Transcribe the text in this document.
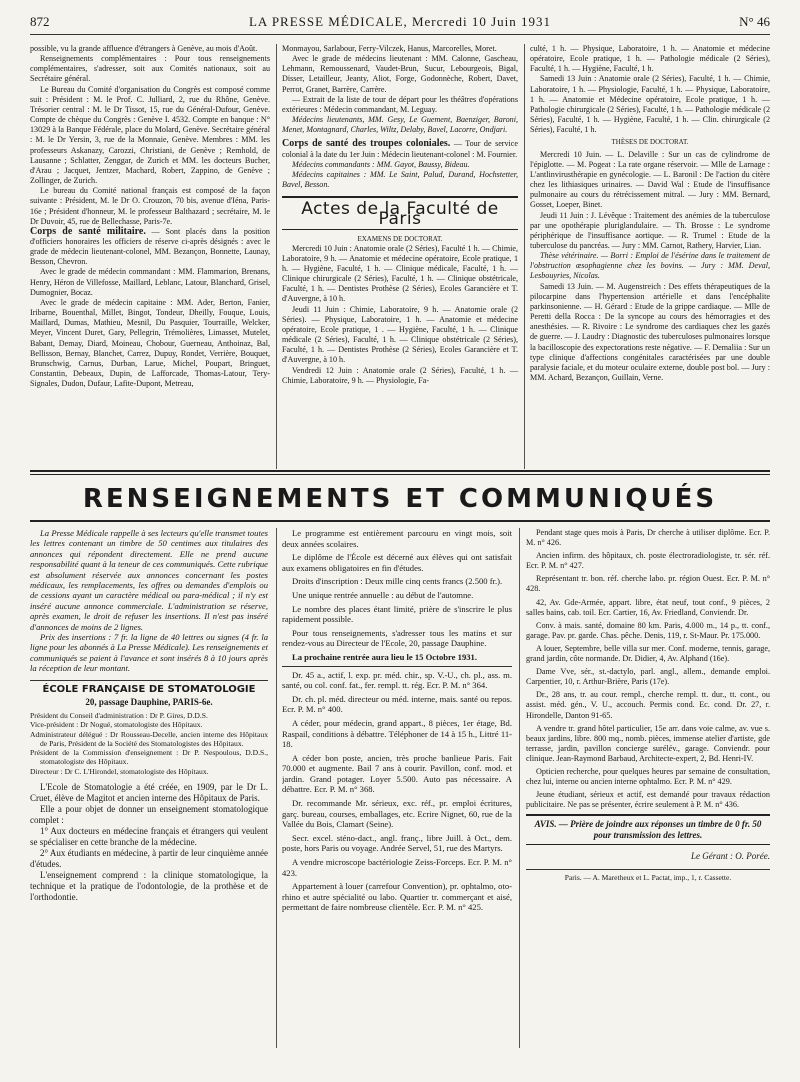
872	LA PRESSE MÉDICALE, Mercredi 10 Juin 1931	N° 46

possible, vu la grande affluence d'étrangers à Genève, au mois d'Août.

Renseignements complémentaires : Pour tous renseignements complémentaires, s'adresser, soit aux Comités nationaux, soit au Secrétaire général.

Le Bureau du Comité d'organisation du Congrès est composé comme suit : Président : M. le Prof. C. Julliard, 2, rue du Rhône, Genève. Trésorier central : M. le Dr Tissot, 15, rue du Général-Dufour, Genève. Compte de chèque du Congrès : Genève I. 4532. Compte en banque : N° 13029 à la Banque Fédérale, place du Molard, Genève. Secrétaire général : M. le Dr Yersin, 3, rue de la Monnaie, Genève. Membres : MM. les professeurs Askanazy, Carozzi, Christiani, de Genève ; Remhold, de Lausanne ; Schlatter, Zenggar, de Zurich et MM. les docteurs Bucher, d'Arau ; Jacquet, Jentzer, Machard, Robert, Zappino, de Genève ; Zollinger, de Zurich.

Le bureau du Comité national français est composé de la façon suivante : Président, M. le Dr O. Crouzon, 70 bis, avenue d'Iéna, Paris-16e ; Président d'honneur, M. le professeur Balthazard ; secrétaire, M. le Dr Duvoir, 45, rue de Bellechasse, Paris-7e.

Corps de santé militaire. — Sont placés dans la position d'officiers honoraires les officiers de réserve ci-après désignés : avec le grade de médecin lieutenant-colonel, MM. Bezançon, Bonnette, Launay, Besson, Chevron.

Avec le grade de médecin commandant : MM. Flammarion, Brenans, Henry, Héron de Villefosse, Maillard, Leblanc, Latour, Blanchard, Grisel, Dumognier, Bocaz.

Avec le grade de médecin capitaine : MM. Ader, Berton, Fanier, Iribarne, Bouenthal, Millet, Bingot, Tondeur, Dheilly, Fouque, Louis, Maillard, Dumas, Mathieu, Mesnil, Du Pasquier, Tourraille, Welcker, Meyer, Vincent Duret, Gary, Pellegrin, Trémolières, Limasset, Mutelet, Babant, Demay, Diard, Moineau, Chobour, Guerneau, Anthoinaz, Bal, Bellisson, Bernay, Blanchet, Carrez, Dupuy, Rondet, Verrière, Bouquet, Brunschwig, Carnus, Durban, Larue, Michel, Poupart, Bringuet, Constantin, Debeaux, Dupin, de Lafforcade, Thomas-Latour, Tery-Signales, Dudon, Dufaur, Lafite-Dupont, Metreau,

Monmayou, Sarlabour, Ferry-Vilczek, Hanus, Marcorelles, Moret.

Avec le grade de médecins lieutenant : MM. Calonne, Gascheau, Lehmann, Remoussenard, Vaudet-Brun, Sucur, Lebourgeois, Bigal, Disser, Letailleur, Jeanty, Aliot, Forge, Godonnèche, Robert, Davet, Perrot, Granet, Barrère, Carrère.

— Extrait de la liste de tour de départ pour les théâtres d'opérations extérieures : Médecin commandant, M. Leguay.

Médecins lieutenants, MM. Gesy, Le Guement, Baenziger, Baroni, Menet, Montagnard, Charles, Wiltz, Delaby, Bavel, Lacorre, Ondjari.

Corps de santé des troupes coloniales. — Tour de service colonial à la date du 1er Juin : Médecin lieutenant-colonel : M. Fournier.

Médecins commandants : MM. Gayot, Baussy, Bideau.

Médecins capitaines : MM. Le Saint, Palud, Durand, Hochstetter, Bavel, Besson.

Actes de la Faculté de Paris

EXAMENS DE DOCTORAT.

Mercredi 10 Juin : Anatomie orale (2 Séries), Faculté 1 h. — Chimie, Laboratoire, 9 h. — Anatomie et médecine opératoire, Ecole pratique, 1 h. — Hygiène, Faculté, 1 h. — Clinique médicale, Faculté, 1 h. — Clinique chirurgicale (2 Séries), Faculté, 1 h. — Clinique obstétricale, Faculté, 1 h. — Dentistes Prothèse (2 Séries), Ecoles Garancière et T. d'Auvergne, à 10 h.

Jeudi 11 Juin : Chimie, Laboratoire, 9 h. — Anatomie orale (2 Séries). — Physique, Laboratoire, 1 h. — Anatomie et médecine opératoire, Ecole pratique, 1 . — Hygiène, Faculté, 1 h. — Clinique médicale (2 Séries), Faculté, 1 h. — Clinique obstétricale (2 Séries), Faculté, 1 h. — Dentistes Prothèse (2 Séries), Ecoles Garancière et T. d'Auvergne, à 10 h.

Vendredi 12 Juin : Anatomie orale (2 Séries), Faculté, 1 h. — Chimie, Laboratoire, 9 h. — Physiologie, Fa-

culté, 1 h. — Physique, Laboratoire, 1 h. — Anatomie et médecine opératoire, Ecole pratique, 1 h. — Pathologie médicale (2 Séries), Faculté, 1 h. — Hygiène, Faculté, 1 h.

Samedi 13 Juin : Anatomie orale (2 Séries), Faculté, 1 h. — Chimie, Laboratoire, 1 h. — Physiologie, Faculté, 1 h. — Physique, Laboratoire, 1 h. — Anatomie et Médecine opératoire, Ecole pratique, 1 h. — Pathologie chirurgicale (2 Séries), Faculté, 1 h. — Pathologie médicale (2 Séries), Faculté, 1 h. — Hygiène, Faculté, 1 h. — Clin. chirurgicale (2 Séries), Faculté, 1 h.

THÈSES DE DOCTORAT.

Mercredi 10 Juin. — L. Delaville : Sur un cas de cylindrome de l'épiglotte. — M. Pogeat : La rate organe réservoir. — Mlle de Larnage : L'antlinvirusthérapie en gynécologie. — L. Baronil : De l'action du citère chez les lithiasiques urinaires. — David Wal : Etude de l'insuffisance pulmonaire au cours du rétrécissement mitral. — Jury : MM. Bernard, Gosset, Loeper, Binet.

Jeudi 11 Juin : J. Lévêque : Traitement des anémies de la tuberculose par une opothérapie pluriglandulaire. — Th. Brosse : Le syndrome périphérique de l'insuffisance aortique. — R. Trumel : Etude de la tuberculose du pancréas. — Jury : MM. Carnot, Rathery, Harvier, Lian.

Thèse vétérinaire. — Borri : Emploi de l'ésérine dans le traitement de l'obstruction œsophagienne chez les bovins. — Jury : MM. Deval, Lesbouyries, Nicolas.

Samedi 13 Juin. — M. Augenstreich : Des effets thérapeutiques de la pilocarpine dans l'hypertension artérielle et dans l'encéphalite parkinsonienne. — H. Gérard : Etude de la grippe cardiaque. — Mlle de Peretti della Rocca : De la syncope au cours des hémorragies et des anesthésies. — R. Rivoire : Le syndrome des cardiaques chez les gazés de guerre. — J. Laudry : Diagnostic des tuberculoses pulmonaires lorsque la bacilloscopie des expectorations reste négative. — F. Demaliia : Sur un type clinique d'affections congénitales caractérisées par une double paralysie faciale, et du moteur oculaire externe, double post bol. — Jury : MM. Achard, Bezançon, Guillain, Verne.

RENSEIGNEMENTS ET COMMUNIQUÉS

La Presse Médicale rappelle à ses lecteurs qu'elle transmet toutes les lettres contenant un timbre de 50 centimes aux titulaires des annonces qui répondent directement. Elle ne prend aucune responsabilité quant à la teneur de ces communiqués. Cette rubrique est absolument réservée aux annonces concernant les postes médicaux, les remplacements, les offres ou demandes d'emplois ou de cessions ayant un caractère médical ou para-médical ; il n'y est inséré aucune annonce commerciale. L'administration se réserve, après examen, le droit de refuser les insertions. Il n'est pas inséré d'annonces de moins de 2 lignes.

Prix des insertions : 7 fr. la ligne de 40 lettres ou signes (4 fr. la ligne pour les abonnés à La Presse Médicale). Les renseignements et communiqués se paient à l'avance et sont insérés 8 à 10 jours après la réception de leur montant.

ÉCOLE FRANÇAISE DE STOMATOLOGIE
20, passage Dauphine, PARIS-6e.

Président du Conseil d'administration : Dr P. Gires, D.D.S.

Vice-président : Dr Nogué, stomatologiste des Hôpitaux.

Administrateur délégué : Dr Rousseau-Decelle, ancien interne des Hôpitaux de Paris, Président de la Société des Stomatologistes des Hôpitaux.

Président de la Commission d'enseignement : Dr P. Nespoulous, D.D.S., stomatologiste des Hôpitaux.

Directeur : Dr C. L'Hirondel, stomatologiste des Hôpitaux.

L'Ecole de Stomatologie a été créée, en 1909, par le Dr L. Cruet, élève de Magitot et ancien interne des Hôpitaux de Paris.

Elle a pour objet de donner un enseignement stomatologique complet :

1° Aux docteurs en médecine français et étrangers qui veulent se spécialiser en cette branche de la médecine.

2° Aux étudiants en médecine, à partir de leur cinquième année d'études.

L'enseignement comprend : la clinique stomatologique, la technique et la pratique de l'odontologie, de la prothèse et de l'orthodontie.

Le programme est entièrement parcouru en vingt mois, soit deux années scolaires.

Le diplôme de l'École est décerné aux élèves qui ont satisfait aux examens obligatoires en fin d'études.

Droits d'inscription : Deux mille cinq cents francs (2.500 fr.).

Une unique rentrée annuelle : au début de l'automne.

Le nombre des places étant limité, prière de s'inscrire le plus rapidement possible.

Pour tous renseignements, s'adresser tous les matins et sur rendez-vous au Directeur de l'Ecole, 20, passage Dauphine.

La prochaine rentrée aura lieu le 15 Octobre 1931.

Dr. 45 a., actif, l. exp. pr. méd. chir., sp. V.-U., ch. pl., ass. m. santé, ou col. conf. fat., fer. rempl. tt. rég. Ecr. P. M. n° 364.

Dr. ch. pl. méd. directeur ou méd. interne, mais. santé ou repos. Ecr. P. M. n° 400.

A céder, pour médecin, grand appart., 8 pièces, 1er étage, Bd. Raspail, conditions à débattre. Téléphoner de 14 à 15 h., Littré 11-18.

A céder bon poste, ancien, très proche banlieue Paris. Fait 70.000 et augmente. Bail 7 ans à courir. Pavillon, conf. mod. et jardin. Grand potager. Loyer 5.500. Auto pas nécessaire. A débattre. Ecr. P. M. n° 368.

Dr. recommande Mr. sérieux, exc. réf., pr. emploi écritures, garç. bureau, courses, emballages, etc. Ecrire Nignet, 60, rue de la Vallée du Bois, Clamart (Seine).

Secr. excel. sténo-dact., angl. franç., libre Juill. à Oct., dem. poste, hors Paris ou voyage. Andrée Servel, 51, rue des Martyrs.

A vendre microscope bactériologie Zeiss-Forceps. Ecr. P. M. n° 423.

Appartement à louer (carrefour Convention), pr. ophtalmo, oto-rhino et autre spécialité ou labo. Quartier tr. commerçant et aisé, permettant de faire nombreuse clientèle. Ecr. P. M. n° 425.

Pendant stage ques mois à Paris, Dr cherche à utiliser diplôme. Ecr. P. M. n° 426.

Ancien infirm. des hôpitaux, ch. poste électroradiologiste, tr. sér. réf. Ecr. P. M. n° 427.

Représentant tr. bon. réf. cherche labo. pr. région Ouest. Ecr. P. M. n° 428.

42, Av. Gde-Armée, appart. libre, état neuf, tout conf., 9 pièces, 2 salles bains, cab. toil. Ecr. Cartier, 16, Av. Friedland, Conviendr. Dr.

Conv. à mais. santé, domaine 80 km. Paris, 4.000 m., 14 p., tt. conf., garage. Pav. pr. garde. Chas. pêche. Denis, 119, r. St-Maur. Pr. 175.000.

A louer, Septembre, belle villa sur mer. Conf. moderne, tennis, garage, grand jardin, côte normande. Dr. Didier, 4, Av. Alphand (16e).

Dame Vve, sér., st.-dactylo, parl. angl., allem., demande emploi. Carpentier, 10, r. Arthur-Brière, Paris (17e).

Dr., 28 ans, tr. au cour. rempl., cherche rempl. tt. dur., tt. cont., ou assist. méd. gén., V. U., accouch. Permis cond. Ec. cond. Dr. 27, r. Hirondelle, Danton 91-65.

A vendre tr. grand hôtel particulier, 15e arr. dans voie calme, av. vue s. beaux jardins, libre. 800 mq., nomb. pièces, immense atelier d'artiste, gde terrasse, jardin, pavillon concierge surélév., garage. Conviendr. pour clinique. Jean-Raymond Barbaud, Architecte-expert, 2, Bd. Henri-IV.

Opticien recherche, pour quelques heures par semaine de consultation, chez lui, interne ou ancien interne ophtalmo. Ecr. P. M. n° 429.

Jeune étudiant, sérieux et actif, est demandé pour travaux rédaction publicitaire. Ne pas se présenter, écrire seulement à P. M. n° 436.

AVIS. — Prière de joindre aux réponses un timbre de 0 fr. 50 pour transmission des lettres.
Le Gérant : O. Porée.
Paris. — A. Maretheux et L. Pactat, imp., 1, r. Cassette.
